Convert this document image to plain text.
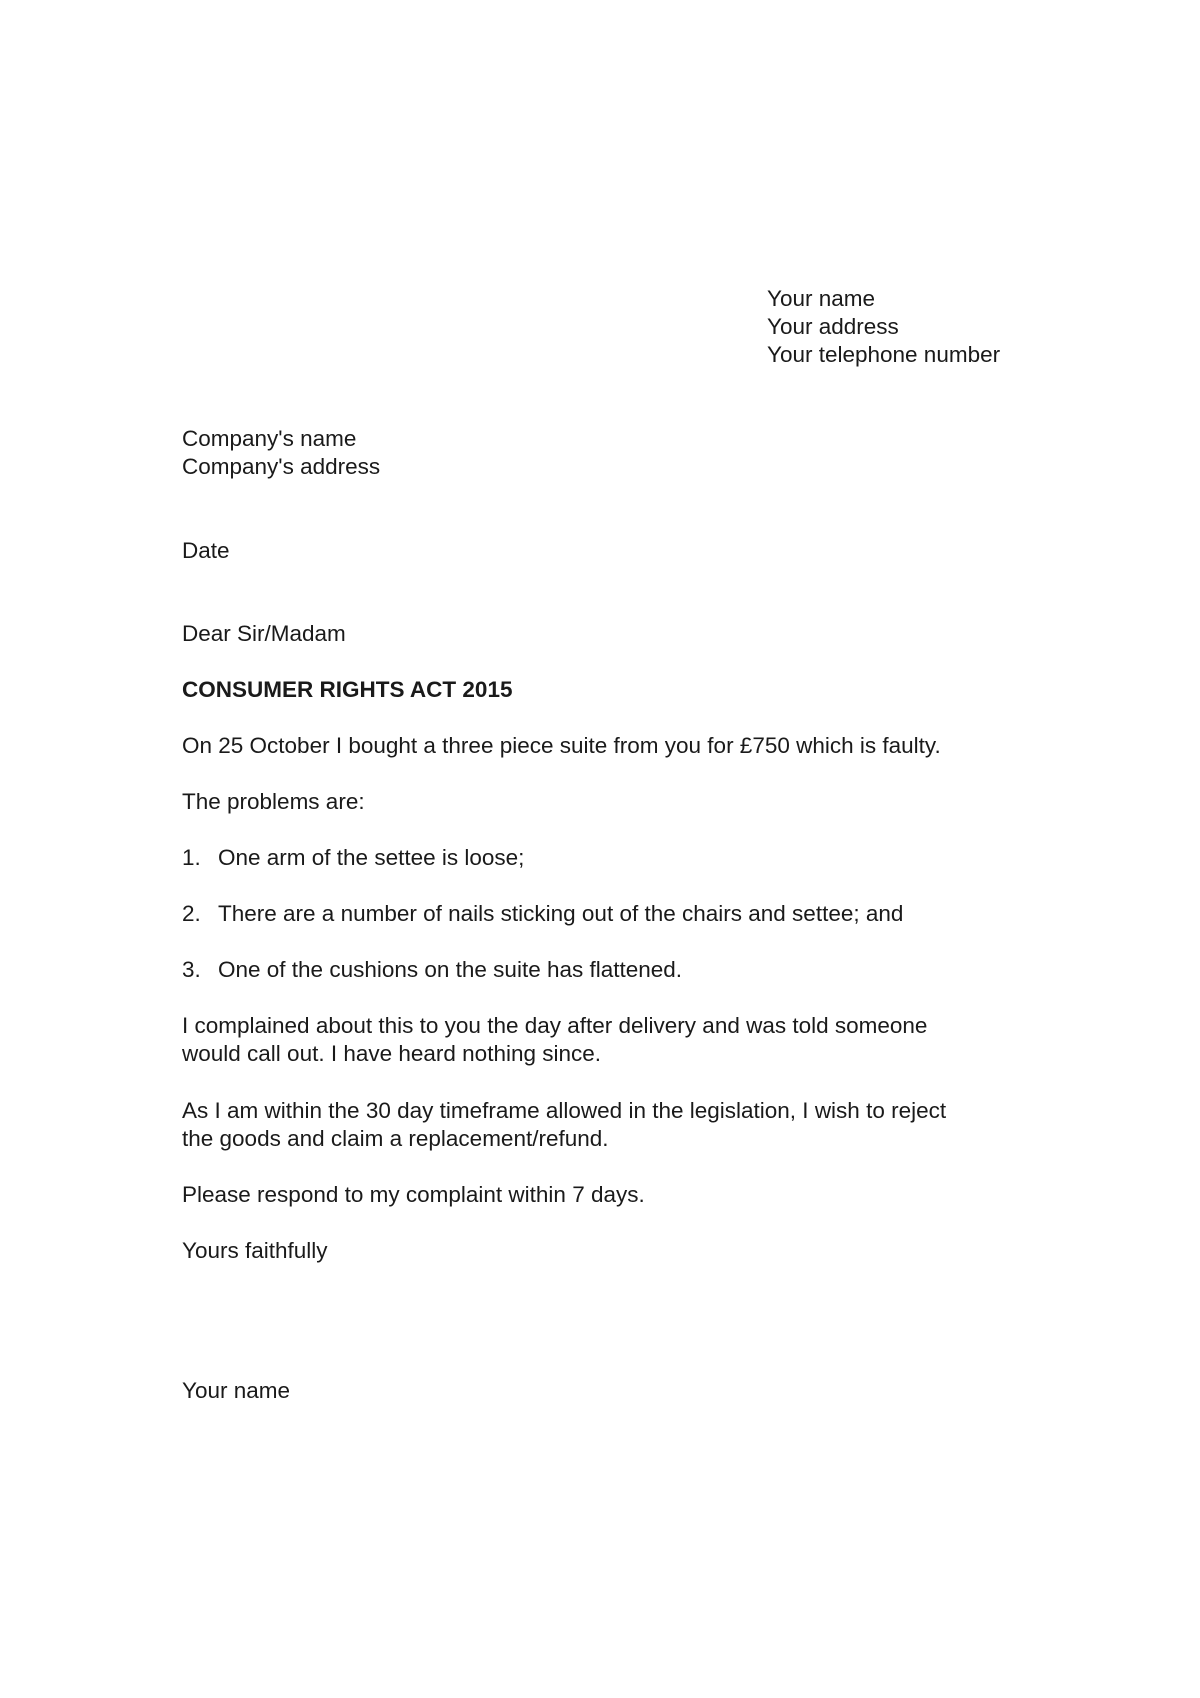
Your name
Your address
Your telephone number
Company's name
Company's address
Date
Dear Sir/Madam
CONSUMER RIGHTS ACT 2015
On 25 October I bought a three piece suite from you for £750 which is faulty.
The problems are:
1. One arm of the settee is loose;
2. There are a number of nails sticking out of the chairs and settee; and
3. One of the cushions on the suite has flattened.
I complained about this to you the day after delivery and was told someone
would call out. I have heard nothing since.
As I am within the 30 day timeframe allowed in the legislation, I wish to reject
the goods and claim a replacement/refund.
Please respond to my complaint within 7 days.
Yours faithfully
Your name
